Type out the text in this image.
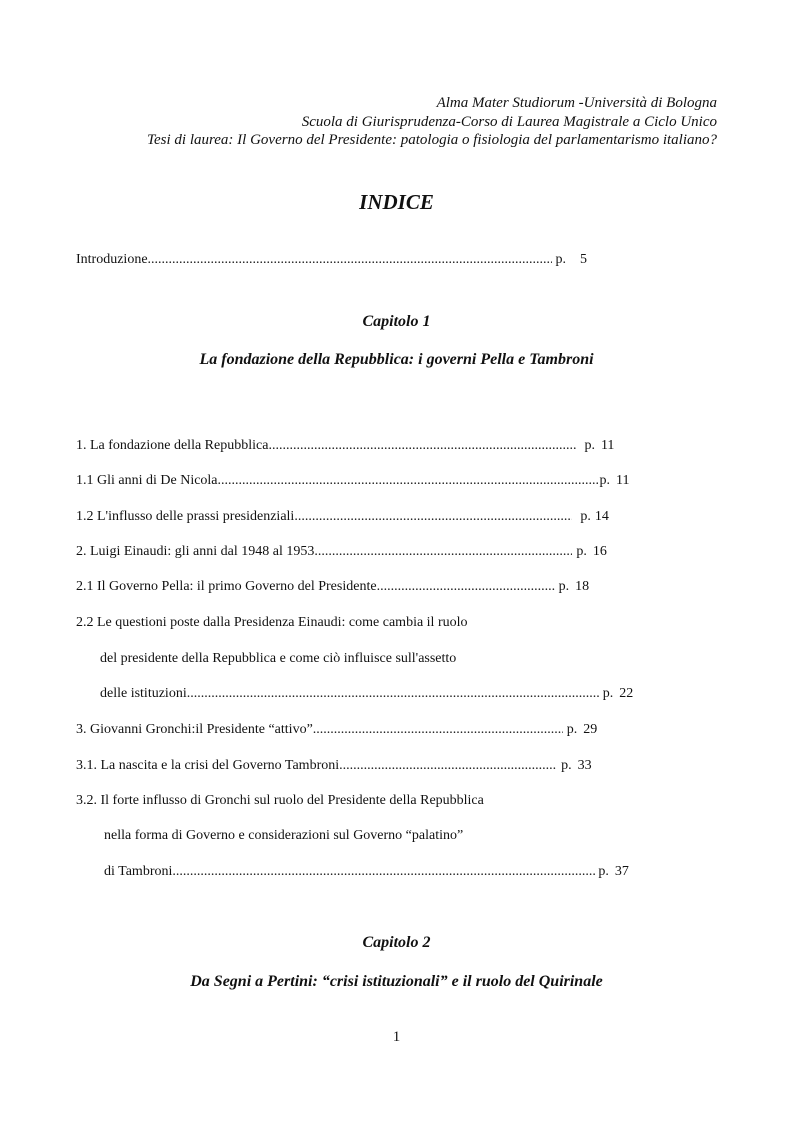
Alma Mater Studiorum -Università di Bologna
Scuola di Giurisprudenza-Corso di Laurea Magistrale a Ciclo Unico
Tesi di laurea: Il Governo del Presidente: patologia o fisiologia del parlamentarismo italiano?
INDICE
Introduzione .....	p. 5
Capitolo 1
La fondazione della Repubblica: i governi Pella e Tambroni
1. La fondazione della Repubblica .....	p. 11
1.1 Gli anni di De Nicola .....	p. 11
1.2 L'influsso delle prassi presidenziali .....	p. 14
2. Luigi Einaudi: gli anni dal 1948 al 1953 .....	p. 16
2.1 Il Governo Pella: il primo Governo del Presidente .....	p. 18
2.2 Le questioni poste dalla Presidenza Einaudi: come cambia il ruolo
del presidente della Repubblica e come ciò influisce sull'assetto
delle istituzioni .....	p. 22
3. Giovanni Gronchi:il Presidente “attivo” .....	p. 29
3.1. La nascita e la crisi del Governo Tambroni .....	p. 33
3.2. Il forte influsso di Gronchi sul ruolo del Presidente della Repubblica
nella forma di Governo e considerazioni sul Governo “palatino”
di Tambroni .....	p. 37
Capitolo 2
Da Segni a Pertini: “crisi istituzionali” e il ruolo del Quirinale
1
